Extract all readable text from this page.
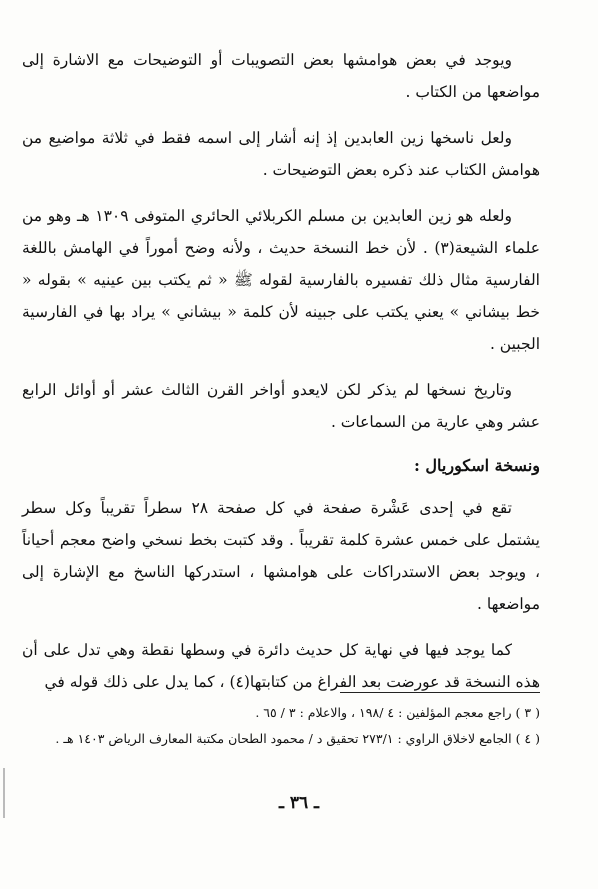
ويوجد في بعض هوامشها بعض التصويبات أو التوضيحات مع الاشارة إلى مواضعها من الكتاب .

ولعل ناسخها زين العابدين إذ إنه أشار إلى اسمه فقط في ثلاثة مواضيع من هوامش الكتاب عند ذكره بعض التوضيحات .

ولعله هو زين العابدين بن مسلم الكربلائي الحائري المتوفى ١٣٠٩ هـ وهو من علماء الشيعة(٣) . لأن خط النسخة حديث ، ولأنه وضح أموراً في الهامش باللغة الفارسية مثال ذلك تفسيره بالفارسية لقوله ﷺ « ثم يكتب بين عينيه » بقوله « خط بيشاني » يعني يكتب على جبينه لأن كلمة « بيشاني » يراد بها في الفارسية الجبين .

وتاريخ نسخها لم يذكر لكن لايعدو أواخر القرن الثالث عشر أو أوائل الرابع عشر وهي عارية من السماعات .

ونسخة اسكوريال :

تقع في إحدى عَشْرة صفحة في كل صفحة ٢٨ سطراً تقريباً وكل سطر يشتمل على خمس عشرة كلمة تقريباً . وقد كتبت بخط نسخي واضح معجم أحياناً ، ويوجد بعض الاستدراكات على هوامشها ، استدركها الناسخ مع الإشارة إلى مواضعها .

كما يوجد فيها في نهاية كل حديث دائرة في وسطها نقطة وهي تدل على أن هذه النسخة قد عورضت بعد الفراغ من كتابتها(٤) ، كما يدل على ذلك قوله في

( ٣ ) راجع معجم المؤلفين : ٤ /١٩٨ ، والاعلام : ٣ / ٦٥ .

( ٤ ) الجامع لاخلاق الراوي : ٢٧٣/١ تحقيق د / محمود الطحان مكتبة المعارف الرياض ١٤٠٣ هـ .

ـ ٣٦ ـ
